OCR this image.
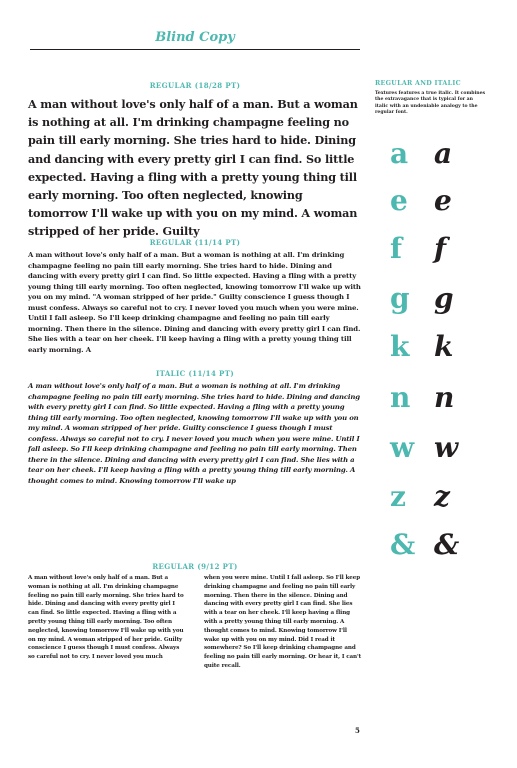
Blind Copy
REGULAR (18/28 PT)

A man without love's only half of a man. But a woman is nothing at all. I'm drinking champagne feeling no pain till early morning. She tries hard to hide. Dining and dancing with every pretty girl I can find. So little expected. Having a fling with a pretty young thing till early morning. Too often neglected, knowing tomorrow I'll wake up with you on my mind. A woman stripped of her pride. Guilty

REGULAR (11/14 PT)

A man without love's only half of a man. But a woman is nothing at all. I'm drinking champagne feeling no pain till early morning. She tries hard to hide. Dining and dancing with every pretty girl I can find. So little expected. Having a fling with a pretty young thing till early morning. Too often neglected, knowing tomorrow I'll wake up with you on my mind. "A woman stripped of her pride." Guilty conscience I guess though I must confess. Always so careful not to cry. I never loved you much when you were mine. Until I fall asleep. So I'll keep drinking champagne and feeling no pain till early morning. Then there in the silence. Dining and dancing with every pretty girl I can find. She lies with a tear on her cheek. I'll keep having a fling with a pretty young thing till early morning. A

ITALIC (11/14 PT)

A man without love's only half of a man. But a woman is nothing at all. I'm drinking champagne feeling no pain till early morning. She tries hard to hide. Dining and dancing with every pretty girl I can find. So little expected. Having a fling with a pretty young thing till early morning. Too often neglected, knowing tomorrow I'll wake up with you on my mind. A woman stripped of her pride. Guilty conscience I guess though I must confess. Always so careful not to cry. I never loved you much when you were mine. Until I fall asleep. So I'll keep drinking champagne and feeling no pain till early morning. Then there in the silence. Dining and dancing with every pretty girl I can find. She lies with a tear on her cheek. I'll keep having a fling with a pretty young thing till early morning. A thought comes to mind. Knowing tomorrow I'll wake up

REGULAR (9/12 PT)

A man without love's only half of a man. But a woman is nothing at all. I'm drinking champagne feeling no pain till early morning. She tries hard to hide. Dining and dancing with every pretty girl I can find. So little expected. Having a fling with a pretty young thing till early morning. Too often neglected, knowing tomorrow I'll wake up with you on my mind. A woman stripped of her pride. Guilty conscience I guess though I must confess. Always so careful not to cry. I never loved you much

when you were mine. Until I fall asleep. So I'll keep drinking champagne and feeling no pain till early morning. Then there in the silence. Dining and dancing with every pretty girl I can find. She lies with a tear on her cheek. I'll keep having a fling with a pretty young thing till early morning. A thought comes to mind. Knowing tomorrow I'll wake up with you on my mind. Did I read it somewhere? So I'll keep drinking champagne and feeling no pain till early morning. Or hear it, I can't quite recall.

REGULAR AND ITALIC

Textures features a true italic. It combines the extravagance that is typical for an italic with an undeniable analogy to the regular font.

a a
e e
f f
g g
k k
n n
w w
z z
& &
5
